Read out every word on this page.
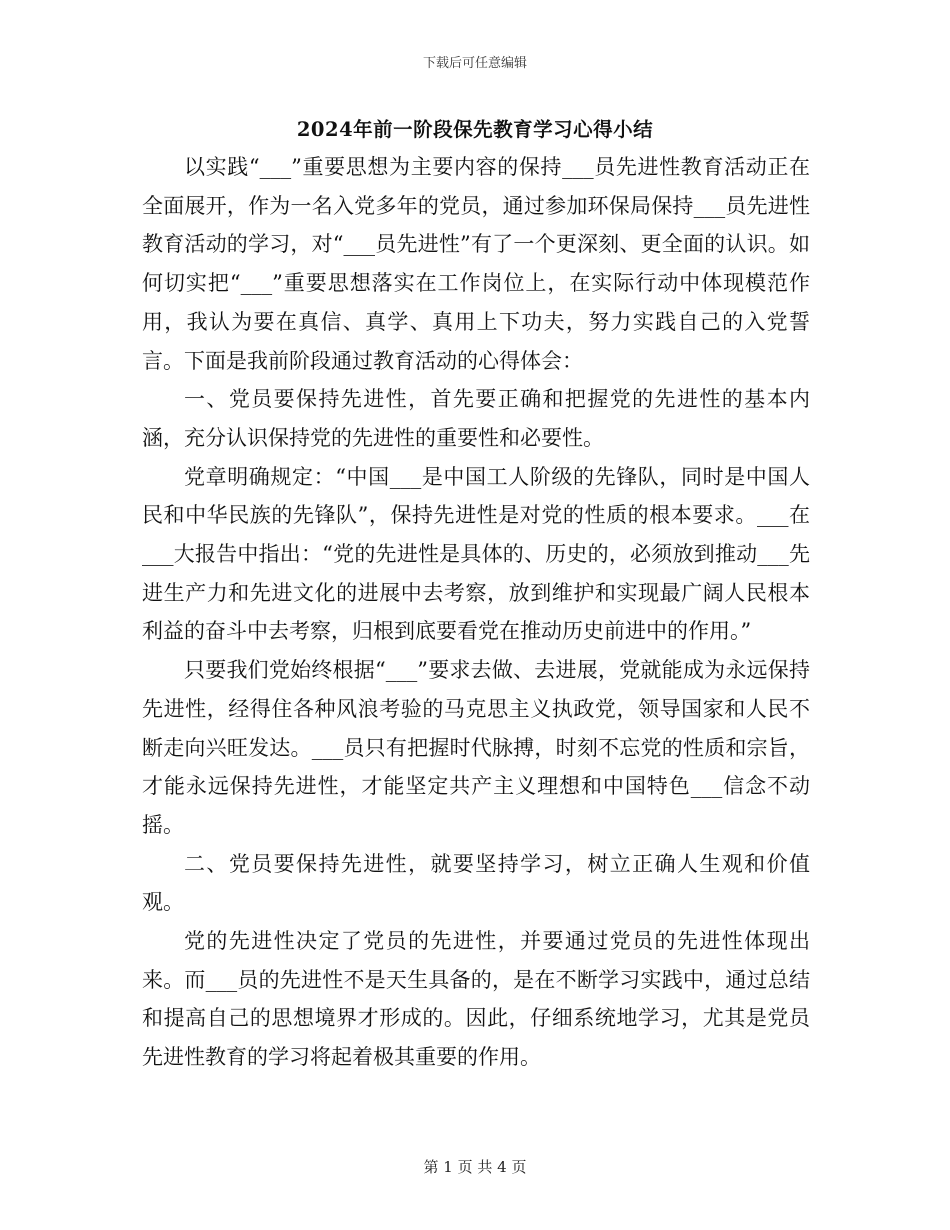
下载后可任意编辑
2024年前一阶段保先教育学习心得小结

以实践“___”重要思想为主要内容的保持___员先进性教育活动正在全面展开，作为一名入党多年的党员，通过参加环保局保持___员先进性教育活动的学习，对“___员先进性”有了一个更深刻、更全面的认识。如何切实把“___”重要思想落实在工作岗位上，在实际行动中体现模范作用，我认为要在真信、真学、真用上下功夫，努力实践自己的入党誓言。下面是我前阶段通过教育活动的心得体会：

一、党员要保持先进性，首先要正确和把握党的先进性的基本内涵，充分认识保持党的先进性的重要性和必要性。

党章明确规定：“中国___是中国工人阶级的先锋队，同时是中国人民和中华民族的先锋队”，保持先进性是对党的性质的根本要求。___在___大报告中指出：“党的先进性是具体的、历史的，必须放到推动___先进生产力和先进文化的进展中去考察，放到维护和实现最广阔人民根本利益的奋斗中去考察，归根到底要看党在推动历史前进中的作用。”

只要我们党始终根据“___”要求去做、去进展，党就能成为永远保持先进性，经得住各种风浪考验的马克思主义执政党，领导国家和人民不断走向兴旺发达。___员只有把握时代脉搏，时刻不忘党的性质和宗旨，才能永远保持先进性，才能坚定共产主义理想和中国特色___信念不动摇。

二、党员要保持先进性，就要坚持学习，树立正确人生观和价值观。

党的先进性决定了党员的先进性，并要通过党员的先进性体现出来。而___员的先进性不是天生具备的，是在不断学习实践中，通过总结和提高自己的思想境界才形成的。因此，仔细系统地学习，尤其是党员先进性教育的学习将起着极其重要的作用。

第 1 页 共 4 页
